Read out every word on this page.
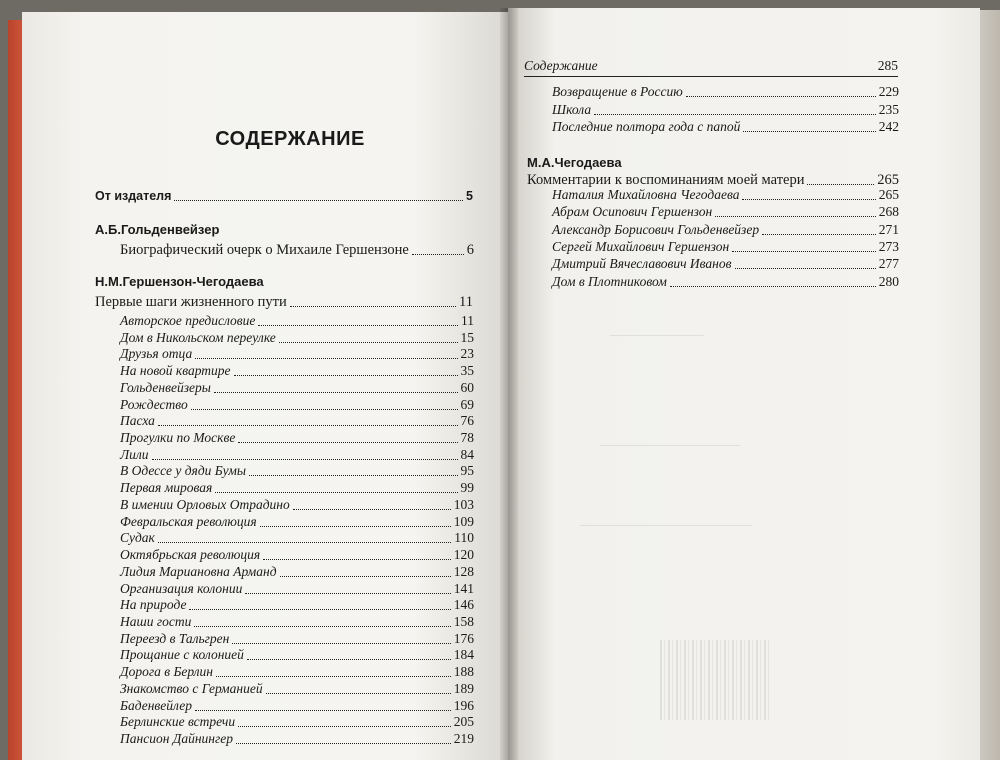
СОДЕРЖАНИЕ
От издателя	5
А.Б.Гольденвейзер
Биографический очерк о Михаиле Гершензоне	6
Н.М.Гершензон-Чегодаева
Первые шаги жизненного пути	11
Авторское предисловие	11
Дом в Никольском переулке	15
Друзья отца	23
На новой квартире	35
Гольденвейзеры	60
Рождество	69
Пасха	76
Прогулки по Москве	78
Лили	84
В Одессе у дяди Бумы	95
Первая мировая	99
В имении Орловых Отрадино	103
Февральская революция	109
Судак	110
Октябрьская революция	120
Лидия Мариановна Арманд	128
Организация колонии	141
На природе	146
Наши гости	158
Переезд в Тальгрен	176
Прощание с колонией	184
Дорога в Берлин	188
Знакомство с Германией	189
Баденвейлер	196
Берлинские встречи	205
Пансион Дайнингер	219
Содержание	285
Возвращение в Россию	229
Школа	235
Последние полтора года с папой	242
М.А.Чегодаева
Комментарии к воспоминаниям моей матери	265
Наталия Михайловна Чегодаева	265
Абрам Осипович Гершензон	268
Александр Борисович Гольденвейзер	271
Сергей Михайлович Гершензон	273
Дмитрий Вячеславович Иванов	277
Дом в Плотниковом	280
────────────
──────────────────
──────────────────────
